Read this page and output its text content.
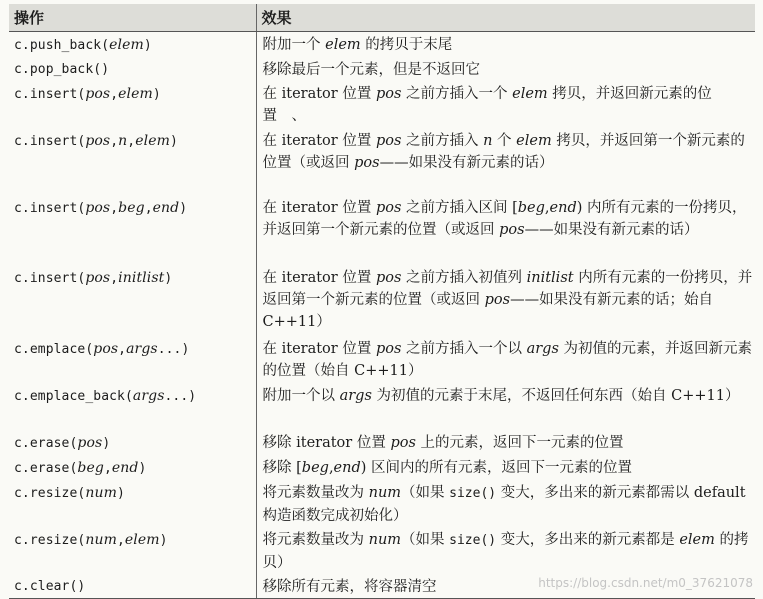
操作	效果
c.push_back(elem)	附加一个 elem 的拷贝于末尾
c.pop_back()	移除最后一个元素，但是不返回它
c.insert(pos,elem)	在 iterator 位置 pos 之前方插入一个 elem 拷贝，并返回新元素的位置　、
c.insert(pos,n,elem)	在 iterator 位置 pos 之前方插入 n 个 elem 拷贝，并返回第一个新元素的位置（或返回 pos——如果没有新元素的话）
c.insert(pos,beg,end)	在 iterator 位置 pos 之前方插入区间 [beg,end) 内所有元素的一份拷贝，并返回第一个新元素的位置（或返回 pos——如果没有新元素的话）
c.insert(pos,initlist)	在 iterator 位置 pos 之前方插入初值列 initlist 内所有元素的一份拷贝，并返回第一个新元素的位置（或返回 pos——如果没有新元素的话；始自 C++11）
c.emplace(pos,args...)	在 iterator 位置 pos 之前方插入一个以 args 为初值的元素，并返回新元素的位置（始自 C++11）
c.emplace_back(args...)	附加一个以 args 为初值的元素于末尾，不返回任何东西（始自 C++11）
c.erase(pos)	移除 iterator 位置 pos 上的元素，返回下一元素的位置
c.erase(beg,end)	移除 [beg,end) 区间内的所有元素，返回下一元素的位置
c.resize(num)	将元素数量改为 num（如果 size() 变大，多出来的新元素都需以 default 构造函数完成初始化）
c.resize(num,elem)	将元素数量改为 num（如果 size() 变大，多出来的新元素都是 elem 的拷贝）
c.clear()	移除所有元素，将容器清空	https://blog.csdn.net/m0_37621078
